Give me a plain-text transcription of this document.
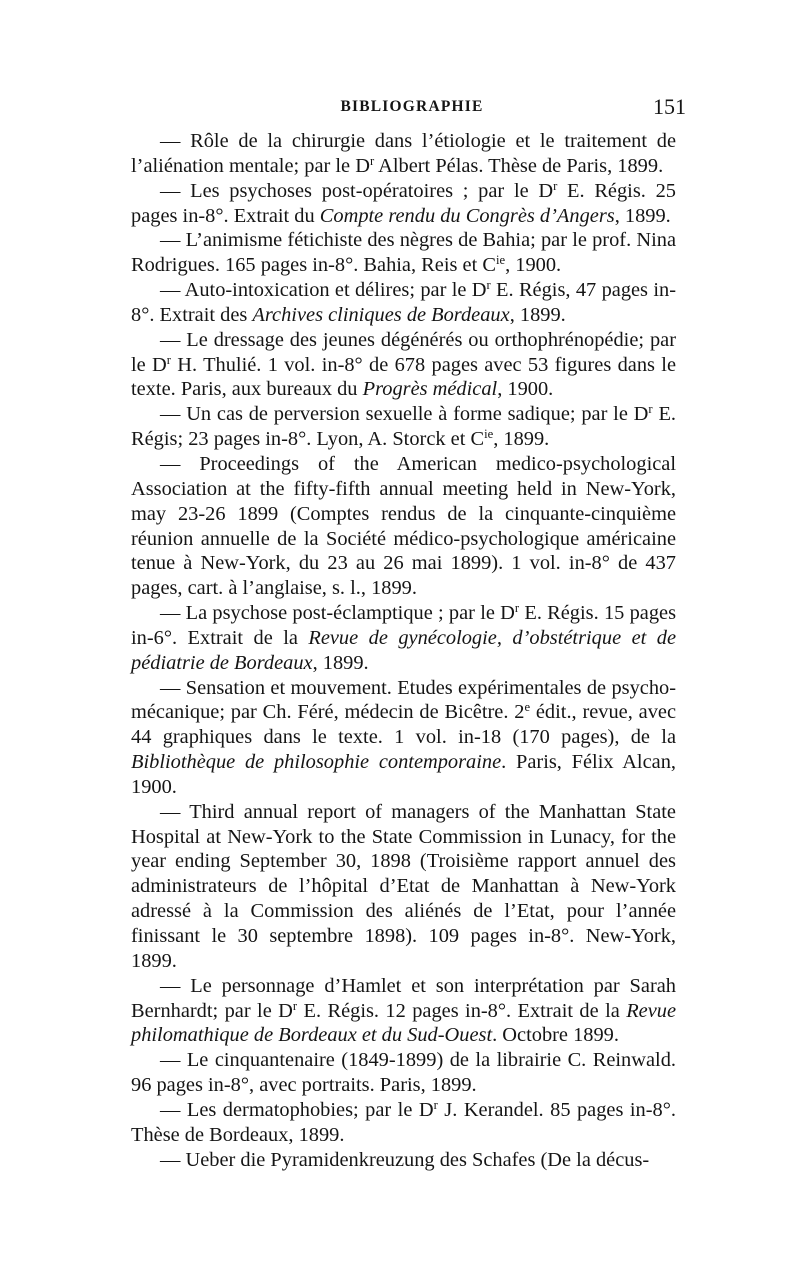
BIBLIOGRAPHIE	151

— Rôle de la chirurgie dans l’étiologie et le traitement de l’aliénation mentale; par le $D^r$ Albert Pélas. Thèse de Paris, 1899.

— Les psychoses post-opératoires ; par le $D^r$ E. Régis. 25 pages in-8°. Extrait du Compte rendu du Congrès d’Angers, 1899.

— L’animisme fétichiste des nègres de Bahia; par le prof. Nina Rodrigues. 165 pages in-8°. Bahia, Reis et $C^{ie}$, 1900.

— Auto-intoxication et délires; par le $D^r$ E. Régis, 47 pages in-8°. Extrait des Archives cliniques de Bordeaux, 1899.

— Le dressage des jeunes dégénérés ou orthophrénopédie; par le $D^r$ H. Thulié. 1 vol. in-8° de 678 pages avec 53 figures dans le texte. Paris, aux bureaux du Progrès médical, 1900.

— Un cas de perversion sexuelle à forme sadique; par le $D^r$ E. Régis; 23 pages in-8°. Lyon, A. Storck et $C^{ie}$, 1899.

— Proceedings of the American medico-psychological Association at the fifty-fifth annual meeting held in New-York, may 23-26 1899 (Comptes rendus de la cinquante-cinquième réunion annuelle de la Société médico-psychologique américaine tenue à New-York, du 23 au 26 mai 1899). 1 vol. in-8° de 437 pages, cart. à l’anglaise, s. l., 1899.

— La psychose post-éclamptique ; par le $D^r$ E. Régis. 15 pages in-6°. Extrait de la Revue de gynécologie, d’obstétrique et de pédiatrie de Bordeaux, 1899.

— Sensation et mouvement. Etudes expérimentales de psycho-mécanique; par Ch. Féré, médecin de Bicêtre. 2e édit., revue, avec 44 graphiques dans le texte. 1 vol. in-18 (170 pages), de la Bibliothèque de philosophie contemporaine. Paris, Félix Alcan, 1900.

— Third annual report of managers of the Manhattan State Hospital at New-York to the State Commission in Lunacy, for the year ending September 30, 1898 (Troisième rapport annuel des administrateurs de l’hôpital d’Etat de Manhattan à New-York adressé à la Commission des aliénés de l’Etat, pour l’année finissant le 30 septembre 1898). 109 pages in-8°. New-York, 1899.

— Le personnage d’Hamlet et son interprétation par Sarah Bernhardt; par le $D^r$ E. Régis. 12 pages in-8°. Extrait de la Revue philomathique de Bordeaux et du Sud-Ouest. Octobre 1899.

— Le cinquantenaire (1849-1899) de la librairie C. Reinwald. 96 pages in-8°, avec portraits. Paris, 1899.

— Les dermatophobies; par le $D^r$ J. Kerandel. 85 pages in-8°. Thèse de Bordeaux, 1899.

— Ueber die Pyramidenkreuzung des Schafes (De la décus-
